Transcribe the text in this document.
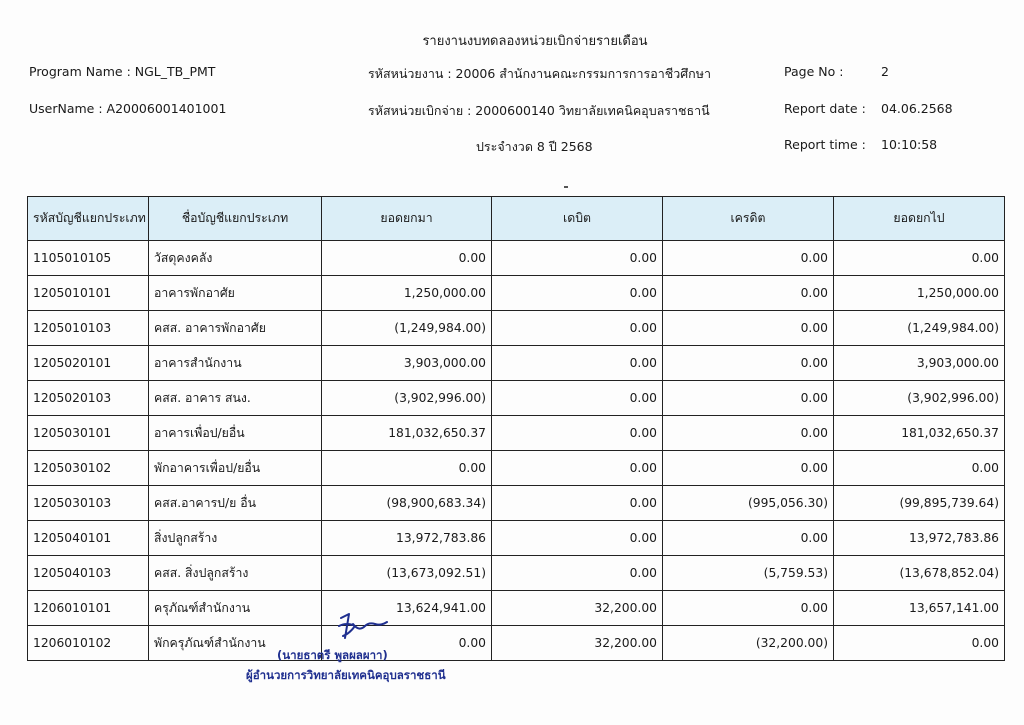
รายงานงบทดลองหน่วยเบิกจ่ายรายเดือน
Program Name : NGL_TB_PMT
UserName : A20006001401001
รหัสหน่วยงาน : 20006 สำนักงานคณะกรรมการการอาชีวศึกษา
รหัสหน่วยเบิกจ่าย : 2000600140 วิทยาลัยเทคนิคอุบลราชธานี
ประจำงวด 8 ปี 2568
Page No :	2
Report date : 04.06.2568
Report time : 10:10:58
รหัสบัญชีแยกประเภท	ชื่อบัญชีแยกประเภท	ยอดยกมา	เดบิต	เครดิต	ยอดยกไป
1105010105	วัสดุคงคลัง	0.00	0.00	0.00	0.00
1205010101	อาคารพักอาศัย	1,250,000.00	0.00	0.00	1,250,000.00
1205010103	คสส. อาคารพักอาศัย	(1,249,984.00)	0.00	0.00	(1,249,984.00)
1205020101	อาคารสำนักงาน	3,903,000.00	0.00	0.00	3,903,000.00
1205020103	คสส. อาคาร สนง.	(3,902,996.00)	0.00	0.00	(3,902,996.00)
1205030101	อาคารเพื่อป/ยอื่น	181,032,650.37	0.00	0.00	181,032,650.37
1205030102	พักอาคารเพื่อป/ยอื่น	0.00	0.00	0.00	0.00
1205030103	คสส.อาคารป/ย อื่น	(98,900,683.34)	0.00	(995,056.30)	(99,895,739.64)
1205040101	สิ่งปลูกสร้าง	13,972,783.86	0.00	0.00	13,972,783.86
1205040103	คสส. สิ่งปลูกสร้าง	(13,673,092.51)	0.00	(5,759.53)	(13,678,852.04)
1206010101	ครุภัณฑ์สำนักงาน	13,624,941.00	32,200.00	0.00	13,657,141.00
1206010102	พักครุภัณฑ์สำนักงาน	0.00	32,200.00	(32,200.00)	0.00
(นายธาตรี พูลผลผาา)
ผู้อำนวยการวิทยาลัยเทคนิคอุบลราชธานี
